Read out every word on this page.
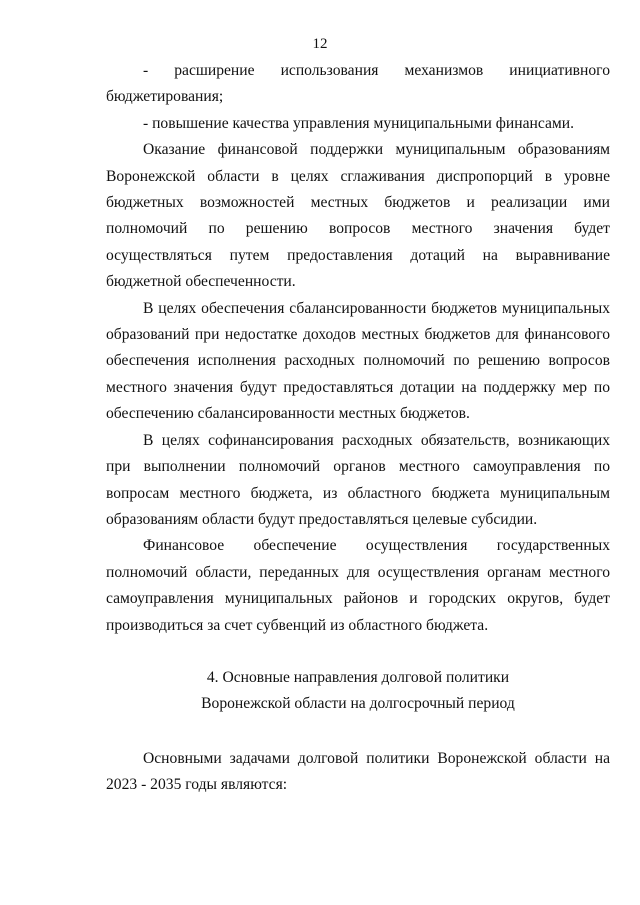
12

- расширение использования механизмов инициативного бюджетирования;

- повышение качества управления муниципальными финансами.

Оказание финансовой поддержки муниципальным образованиям Воронежской области в целях сглаживания диспропорций в уровне бюджетных возможностей местных бюджетов и реализации ими полномочий по решению вопросов местного значения будет осуществляться путем предоставления дотаций на выравнивание бюджетной обеспеченности.

В целях обеспечения сбалансированности бюджетов муниципальных образований при недостатке доходов местных бюджетов для финансового обеспечения исполнения расходных полномочий по решению вопросов местного значения будут предоставляться дотации на поддержку мер по обеспечению сбалансированности местных бюджетов.

В целях софинансирования расходных обязательств, возникающих при выполнении полномочий органов местного самоуправления по вопросам местного бюджета, из областного бюджета муниципальным образованиям области будут предоставляться целевые субсидии.

Финансовое обеспечение осуществления государственных полномочий области, переданных для осуществления органам местного самоуправления муниципальных районов и городских округов, будет производиться за счет субвенций из областного бюджета.

4. Основные направления долговой политики

Воронежской области на долгосрочный период

Основными задачами долговой политики Воронежской области на 2023 - 2035 годы являются:
